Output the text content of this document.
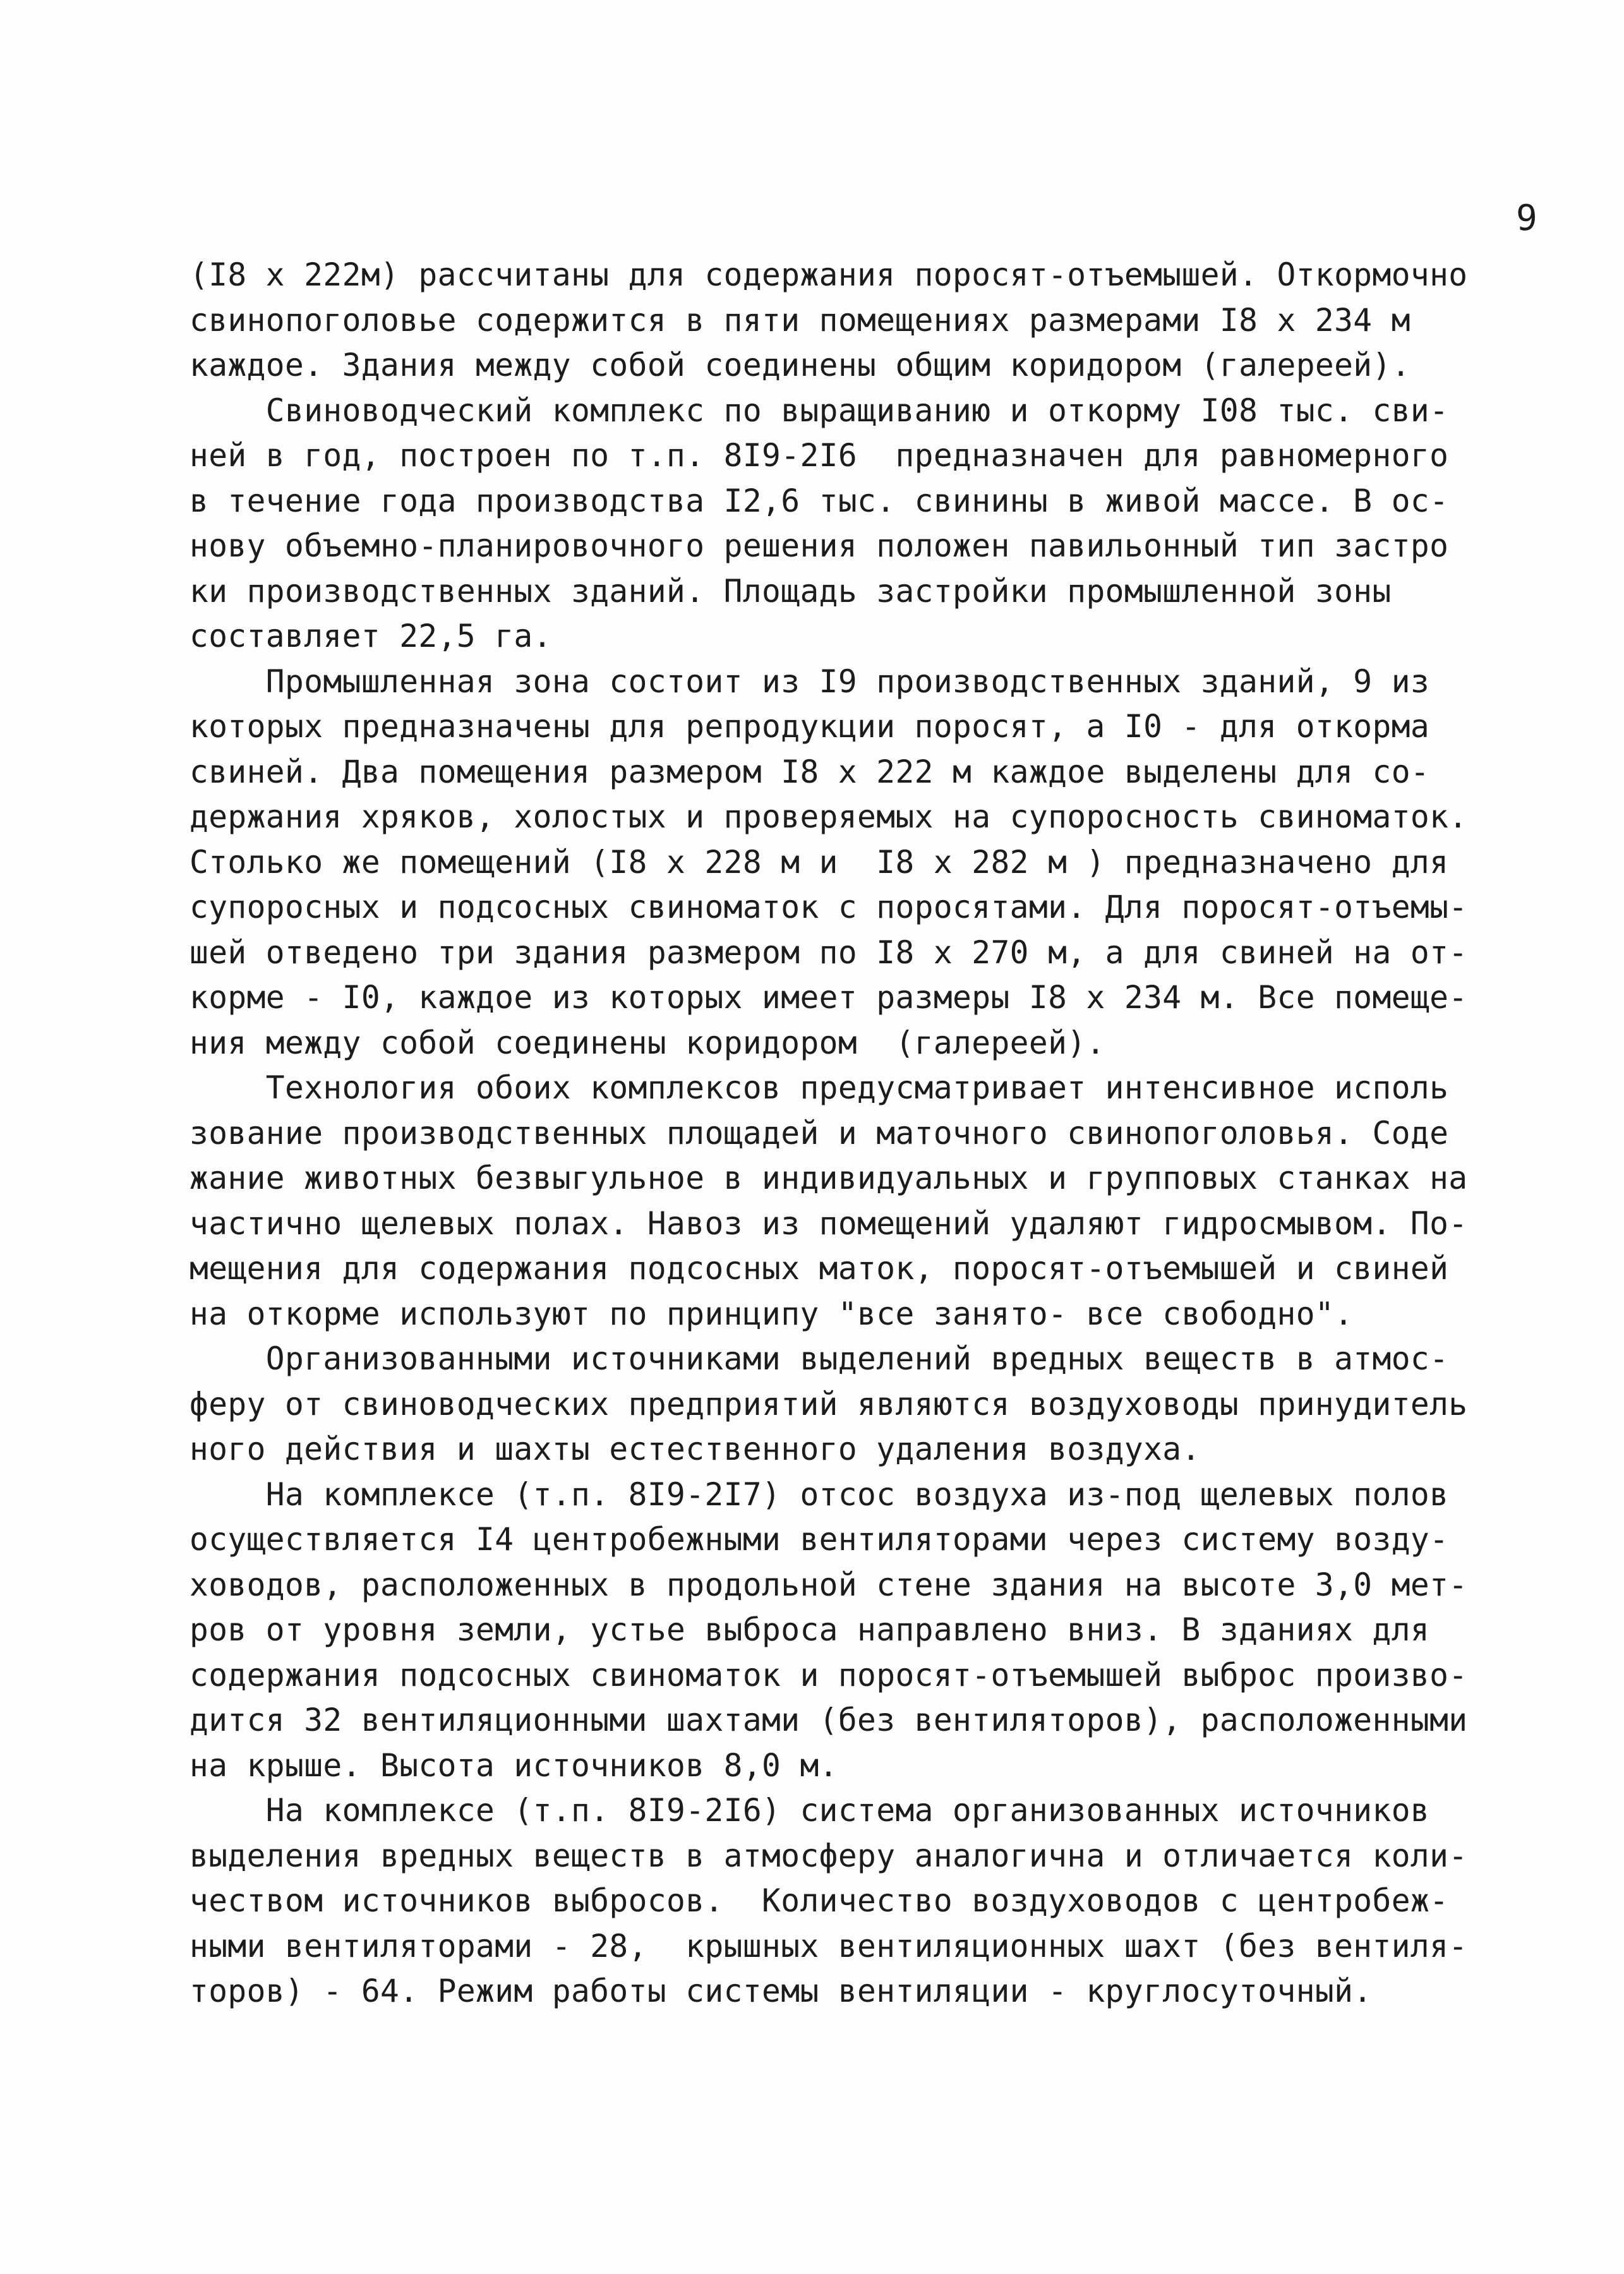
9
(I8 x 222м) рассчитаны для содержания поросят-отъемышей. Откормочно
свинопоголовье содержится в пяти помещениях размерами I8 x 234 м
каждое. Здания между собой соединены общим коридором (галереей).
Свиноводческий комплекс по выращиванию и откорму I08 тыс. сви-
ней в год, построен по т.п. 8I9-2I6  предназначен для равномерного
в течение года производства I2,6 тыс. свинины в живой массе. В ос-
нову объемно-планировочного решения положен павильонный тип застро
ки производственных зданий. Площадь застройки промышленной зоны
составляет 22,5 га.
Промышленная зона состоит из I9 производственных зданий, 9 из
которых предназначены для репродукции поросят, а I0 - для откорма
свиней. Два помещения размером I8 x 222 м каждое выделены для со-
держания хряков, холостых и проверяемых на супоросность свиноматок.
Столько же помещений (I8 x 228 м и  I8 x 282 м ) предназначено для
супоросных и подсосных свиноматок с поросятами. Для поросят-отъемы-
шей отведено три здания размером по I8 x 270 м, а для свиней на от-
корме - I0, каждое из которых имеет размеры I8 x 234 м. Все помеще-
ния между собой соединены коридором  (галереей).
Технология обоих комплексов предусматривает интенсивное исполь
зование производственных площадей и маточного свинопоголовья. Соде
жание животных безвыгульное в индивидуальных и групповых станках на
частично щелевых полах. Навоз из помещений удаляют гидросмывом. По-
мещения для содержания подсосных маток, поросят-отъемышей и свиней
на откорме используют по принципу "все занято- все свободно".
Организованными источниками выделений вредных веществ в атмос-
феру от свиноводческих предприятий являются воздуховоды принудитель
ного действия и шахты естественного удаления воздуха.
На комплексе (т.п. 8I9-2I7) отсос воздуха из-под щелевых полов
осуществляется I4 центробежными вентиляторами через систему возду-
ховодов, расположенных в продольной стене здания на высоте 3,0 мет-
ров от уровня земли, устье выброса направлено вниз. В зданиях для
содержания подсосных свиноматок и поросят-отъемышей выброс произво-
дится 32 вентиляционными шахтами (без вентиляторов), расположенными
на крыше. Высота источников 8,0 м.
На комплексе (т.п. 8I9-2I6) система организованных источников
выделения вредных веществ в атмосферу аналогична и отличается коли-
чеством источников выбросов.  Количество воздуховодов с центробеж-
ными вентиляторами - 28,  крышных вентиляционных шахт (без вентиля-
торов) - 64. Режим работы системы вентиляции - круглосуточный.
